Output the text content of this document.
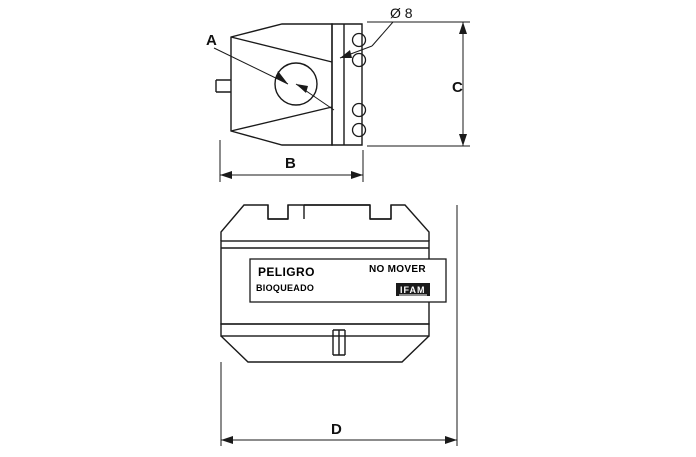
Ø 8
A
B
C
PELIGRO
BIOQUEADO
NO MOVER
IFAM
D
